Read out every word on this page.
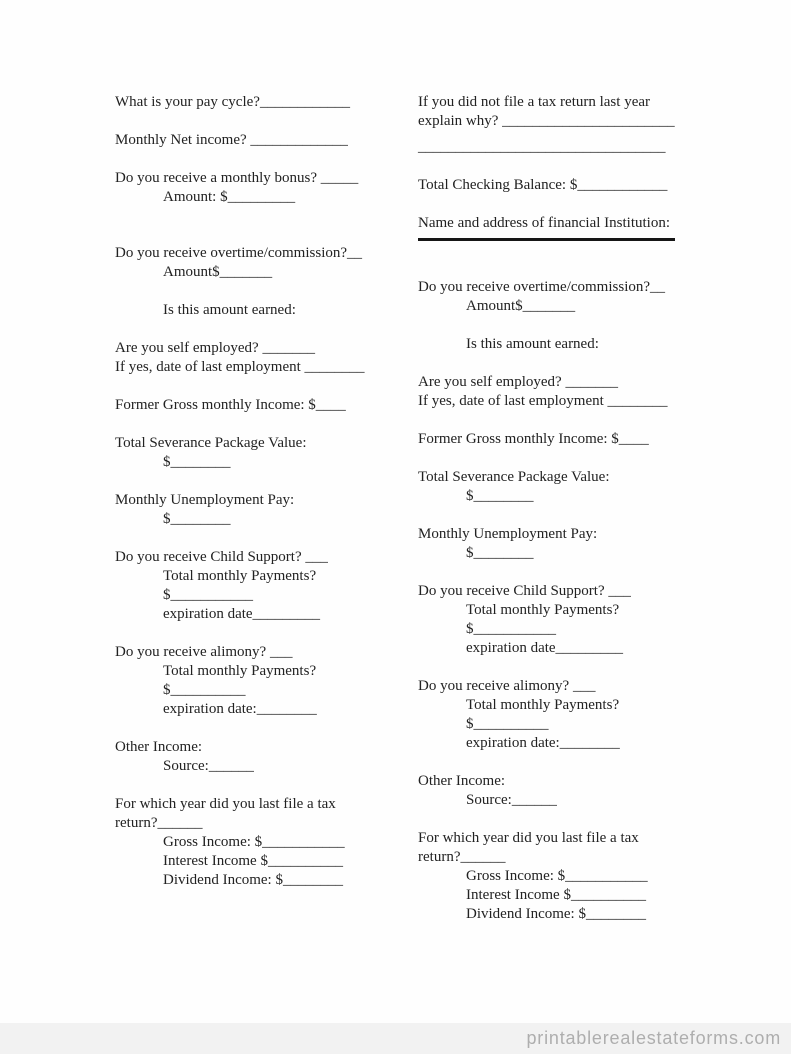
What is your pay cycle?____________
Monthly Net income? _____________
Do you receive a monthly bonus? _____
Amount: $_________
Do you receive overtime/commission?__
Amount$_______
Is this amount earned:
Are you self employed? _______
If yes, date of last employment ________
Former Gross monthly Income: $____
Total Severance Package Value:
$________
Monthly Unemployment Pay:
$________
Do you receive Child Support? ___
Total monthly Payments?
$___________
expiration date_________
Do you receive alimony? ___
Total monthly Payments?
$__________
expiration date:________
Other Income:
Source:______
For which year did you last file a tax
return?______
Gross Income: $___________
Interest Income $__________
Dividend Income: $________
If you did not file a tax return last year
explain why? _______________________
_________________________________
Total Checking Balance: $____________
Name and address of financial Institution:
Do you receive overtime/commission?__
Amount$_______
Is this amount earned:
Are you self employed? _______
If yes, date of last employment ________
Former Gross monthly Income: $____
Total Severance Package Value:
$________
Monthly Unemployment Pay:
$________
Do you receive Child Support? ___
Total monthly Payments?
$___________
expiration date_________
Do you receive alimony? ___
Total monthly Payments?
$__________
expiration date:________
Other Income:
Source:______
For which year did you last file a tax
return?______
Gross Income: $___________
Interest Income $__________
Dividend Income: $________
printablerealestateforms.com
